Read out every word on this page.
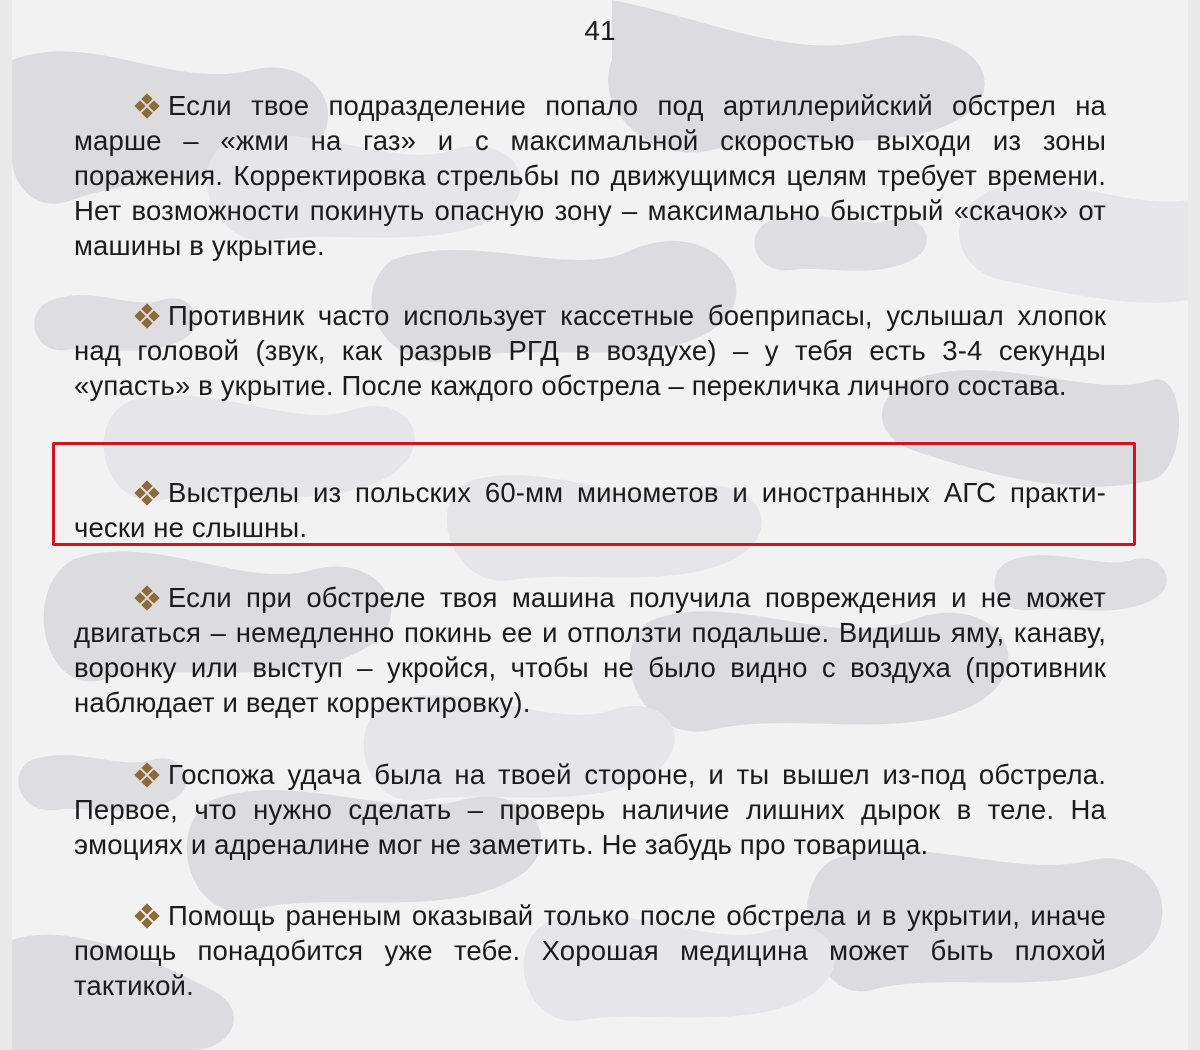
41
Если твое подразделение попало под артиллерийский обстрел на марше – «жми на газ» и с максимальной скоростью выходи из зоны поражения. Корректировка стрельбы по движущимся целям требует времени. Нет возможности покинуть опасную зону – максимально быстрый «скачок» от машины в укрытие.
Противник часто использует кассетные боеприпасы, услышал хлопок над головой (звук, как разрыв РГД в воздухе) – у тебя есть 3-4 секунды «упасть» в укрытие. После каждого обстрела – перекличка личного состава.
Выстрелы из польских 60-мм минометов и иностранных АГС практи-чески не слышны.
Если при обстреле твоя машина получила повреждения и не может двигаться – немедленно покинь ее и отползти подальше. Видишь яму, канаву, воронку или выступ – укройся, чтобы не было видно с воздуха (противник наблюдает и ведет корректировку).
Госпожа удача была на твоей стороне, и ты вышел из-под обстрела. Первое, что нужно сделать – проверь наличие лишних дырок в теле. На эмоциях и адреналине мог не заметить. Не забудь про товарища.
Помощь раненым оказывай только после обстрела и в укрытии, иначе помощь понадобится уже тебе. Хорошая медицина может быть плохой тактикой.
